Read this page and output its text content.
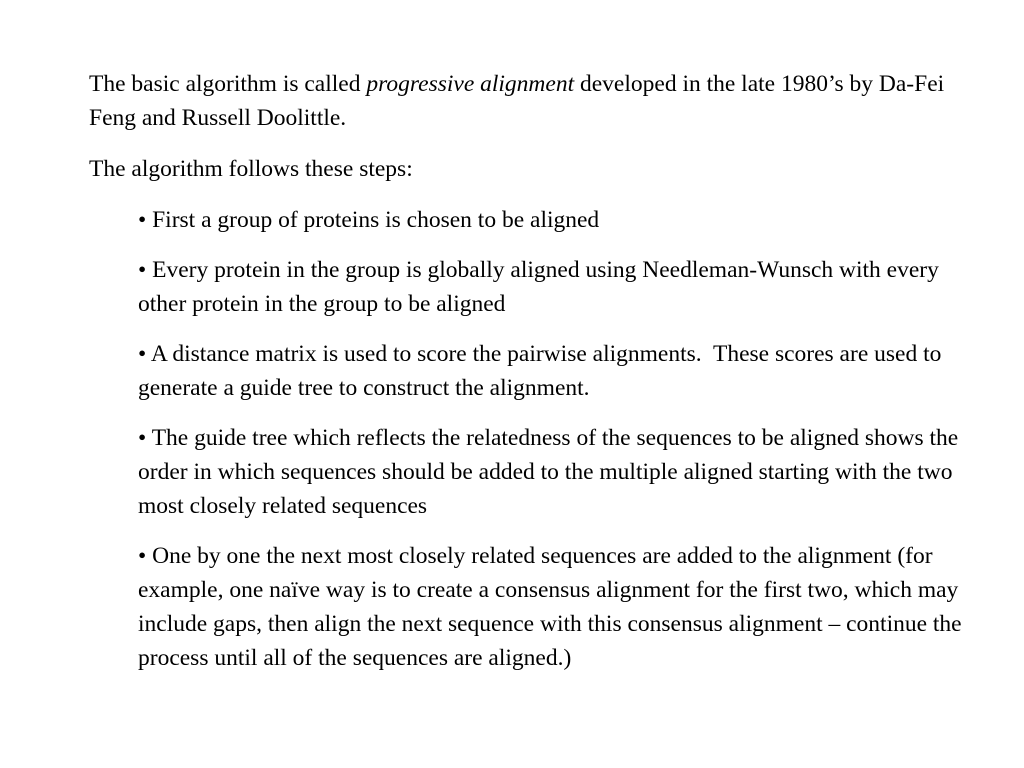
The basic algorithm is called progressive alignment developed in the late 1980’s by Da-Fei Feng and Russell Doolittle.

The algorithm follows these steps:

• First a group of proteins is chosen to be aligned
• Every protein in the group is globally aligned using Needleman-Wunsch with every other protein in the group to be aligned
• A distance matrix is used to score the pairwise alignments.  These scores are used to generate a guide tree to construct the alignment.
• The guide tree which reflects the relatedness of the sequences to be aligned shows the order in which sequences should be added to the multiple aligned starting with the two most closely related sequences
• One by one the next most closely related sequences are added to the alignment (for example, one naïve way is to create a consensus alignment for the first two, which may include gaps, then align the next sequence with this consensus alignment – continue the process until all of the sequences are aligned.)
